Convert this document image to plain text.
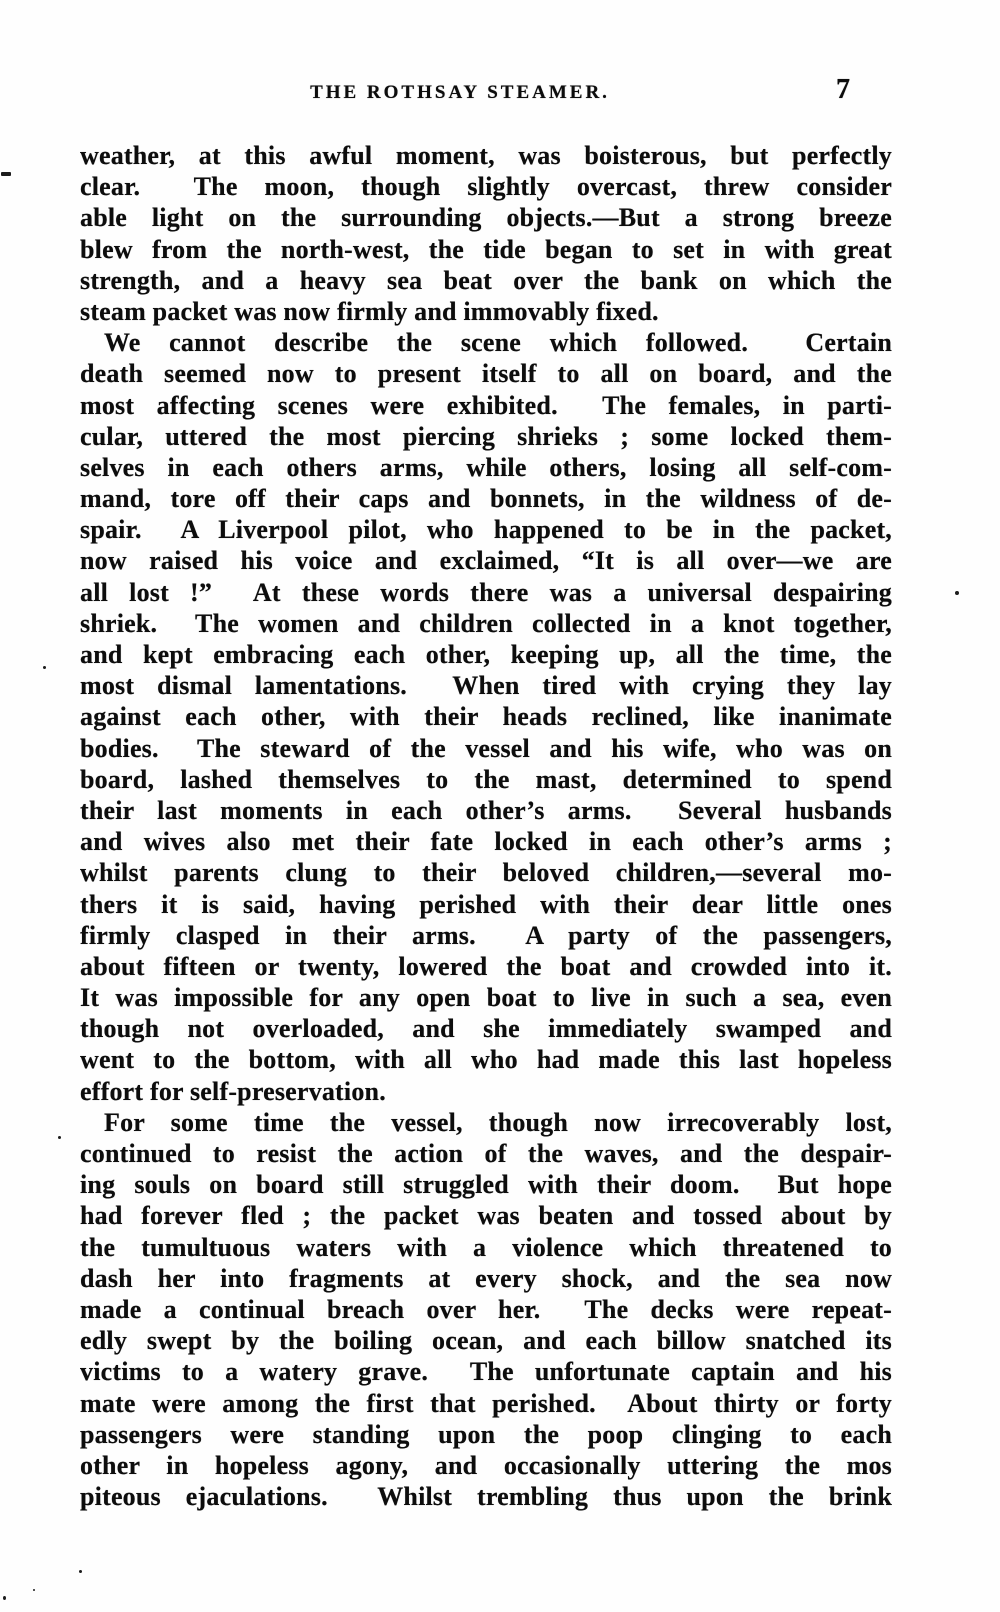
THE ROTHSAY STEAMER.	7
weather, at this awful moment, was boisterous, but perfectly
clear.  The moon, though slightly overcast, threw consider
able light on the surrounding objects.—But a strong breeze
blew from the north-west, the tide began to set in with great
strength, and a heavy sea beat over the bank on which the
steam packet was now firmly and immovably fixed.
We cannot describe the scene which followed.  Certain
death seemed now to present itself to all on board, and the
most affecting scenes were exhibited.  The females, in parti-
cular, uttered the most piercing shrieks ; some locked them-
selves in each others arms, while others, losing all self-com-
mand, tore off their caps and bonnets, in the wildness of de-
spair.  A Liverpool pilot, who happened to be in the packet,
now raised his voice and exclaimed, “It is all over—we are
all lost !”  At these words there was a universal despairing
shriek.  The women and children collected in a knot together,
and kept embracing each other, keeping up, all the time, the
most dismal lamentations.  When tired with crying they lay
against each other, with their heads reclined, like inanimate
bodies.  The steward of the vessel and his wife, who was on
board, lashed themselves to the mast, determined to spend
their last moments in each other’s arms.  Several husbands
and wives also met their fate locked in each other’s arms ;
whilst parents clung to their beloved children,—several mo-
thers it is said, having perished with their dear little ones
firmly clasped in their arms.  A party of the passengers,
about fifteen or twenty, lowered the boat and crowded into it.
It was impossible for any open boat to live in such a sea, even
though not overloaded, and she immediately swamped and
went to the bottom, with all who had made this last hopeless
effort for self-preservation.
For some time the vessel, though now irrecoverably lost,
continued to resist the action of the waves, and the despair-
ing souls on board still struggled with their doom.  But hope
had forever fled ; the packet was beaten and tossed about by
the tumultuous waters with a violence which threatened to
dash her into fragments at every shock, and the sea now
made a continual breach over her.  The decks were repeat-
edly swept by the boiling ocean, and each billow snatched its
victims to a watery grave.  The unfortunate captain and his
mate were among the first that perished.  About thirty or forty
passengers were standing upon the poop clinging to each
other in hopeless agony, and occasionally uttering the mos
piteous ejaculations.  Whilst trembling thus upon the brink
